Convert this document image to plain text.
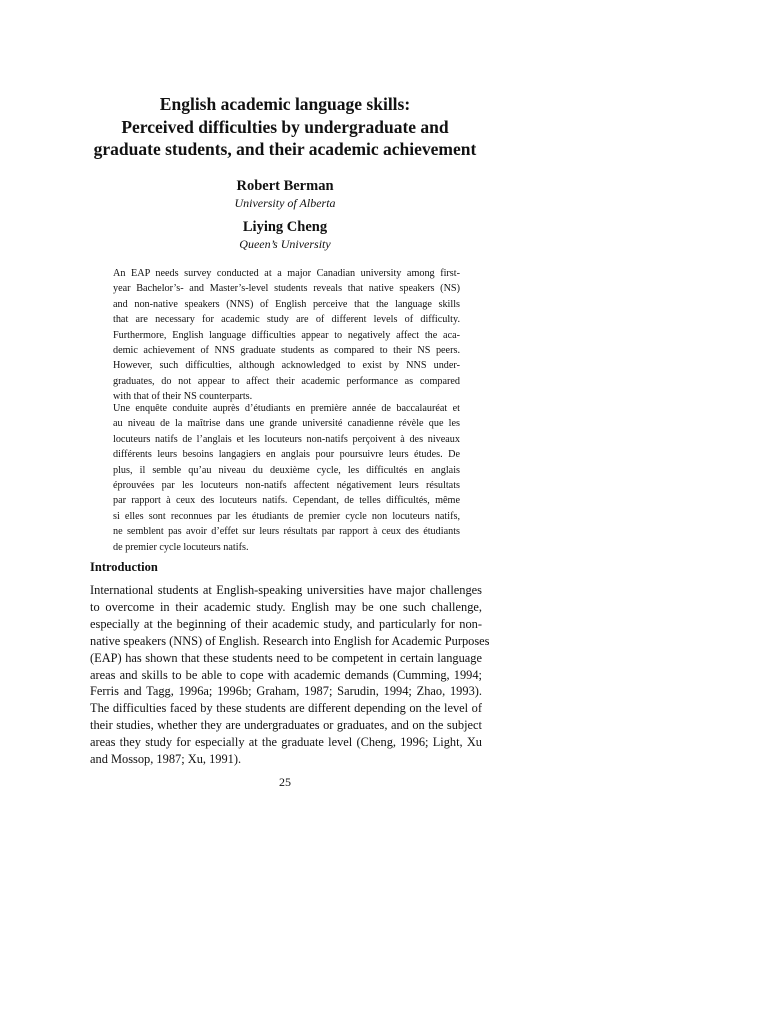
English academic language skills:
Perceived difficulties by undergraduate and
graduate students, and their academic achievement
Robert Berman
University of Alberta
Liying Cheng
Queen’s University

An EAP needs survey conducted at a major Canadian university among first-
year Bachelor’s- and Master’s-level students reveals that native speakers (NS)
and non-native speakers (NNS) of English perceive that the language skills
that are necessary for academic study are of different levels of difficulty.
Furthermore, English language difficulties appear to negatively affect the aca-
demic achievement of NNS graduate students as compared to their NS peers.
However, such difficulties, although acknowledged to exist by NNS under-
graduates, do not appear to affect their academic performance as compared
with that of their NS counterparts.

Une enquête conduite auprès d’étudiants en première année de baccalauréat et
au niveau de la maîtrise dans une grande université canadienne révèle que les
locuteurs natifs de l’anglais et les locuteurs non-natifs perçoivent à des niveaux
différents leurs besoins langagiers en anglais pour poursuivre leurs études. De
plus, il semble qu’au niveau du deuxième cycle, les difficultés en anglais
éprouvées par les locuteurs non-natifs affectent négativement leurs résultats
par rapport à ceux des locuteurs natifs. Cependant, de telles difficultés, même
si elles sont reconnues par les étudiants de premier cycle non locuteurs natifs,
ne semblent pas avoir d’effet sur leurs résultats par rapport à ceux des étudiants
de premier cycle locuteurs natifs.

Introduction

International students at English-speaking universities have major challenges
to overcome in their academic study. English may be one such challenge,
especially at the beginning of their academic study, and particularly for non-
native speakers (NNS) of English. Research into English for Academic Purposes
(EAP) has shown that these students need to be competent in certain language
areas and skills to be able to cope with academic demands (Cumming, 1994;
Ferris and Tagg, 1996a; 1996b; Graham, 1987; Sarudin, 1994; Zhao, 1993).
The difficulties faced by these students are different depending on the level of
their studies, whether they are undergraduates or graduates, and on the subject
areas they study for especially at the graduate level (Cheng, 1996; Light, Xu
and Mossop, 1987; Xu, 1991).

25
